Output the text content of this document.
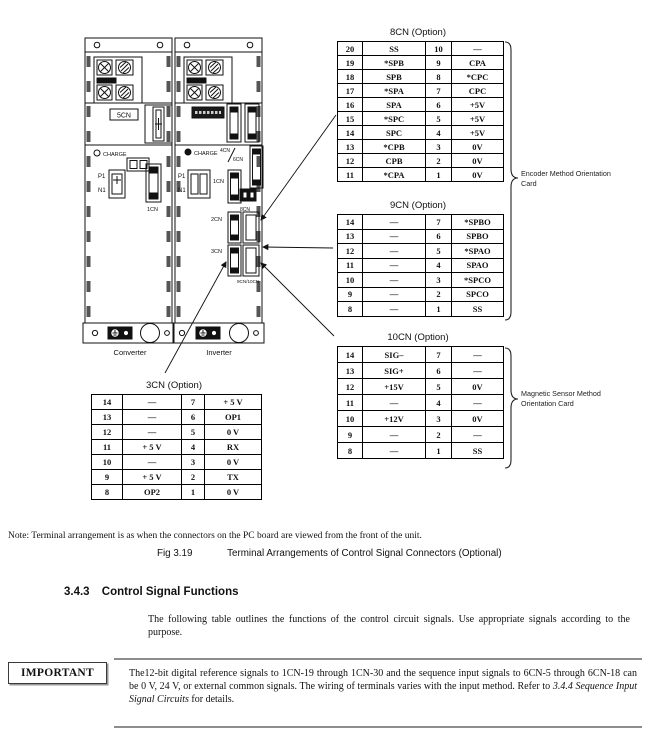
5CN
CHARGE
P1
N1
1CN
Converter
CHARGE 4CN
6CN
P1
N1
1CN
8CN
2CN
3CN
9CN/10CN
Inverter
8CN (Option)
20	SS	10	—
19	*SPB	9	CPA
18	SPB	8	*CPC
17	*SPA	7	CPC
16	SPA	6	+5V
15	*SPC	5	+5V
14	SPC	4	+5V
13	*CPB	3	0V
12	CPB	2	0V
11	*CPA	1	0V
9CN (Option)
14	—	7	*SPBO
13	—	6	SPBO
12	—	5	*SPAO
11	—	4	SPAO
10	—	3	*SPCO
9	—	2	SPCO
8	—	1	SS
10CN (Option)
14	SIG–	7	—
13	SIG+	6	—
12	+15V	5	0V
11	—	4	—
10	+12V	3	0V
9	—	2	—
8	—	1	SS
3CN (Option)
14	—	7	+ 5 V
13	—	6	OP1
12	—	5	0 V
11	+ 5 V	4	RX
10	—	3	0 V
9	+ 5 V	2	TX
8	OP2	1	0 V
Encoder Method Orientation
Card
Magnetic Sensor Method
Orientation Card
Note: Terminal arrangement is as when the connectors on the PC board are viewed from the front of the unit.
Fig 3.19	Terminal Arrangements of Control Signal Connectors (Optional)
3.4.3 Control Signal Functions
The following table outlines the functions of the control circuit signals. Use appropriate signals according to the purpose.
IMPORTANT	The12-bit digital reference signals to 1CN-19 through 1CN-30 and the sequence input signals to 6CN-5 through 6CN-18 can be 0 V, 24 V, or external common signals. The wiring of terminals varies with the input method. Refer to 3.4.4 Sequence Input Signal Circuits for details.
